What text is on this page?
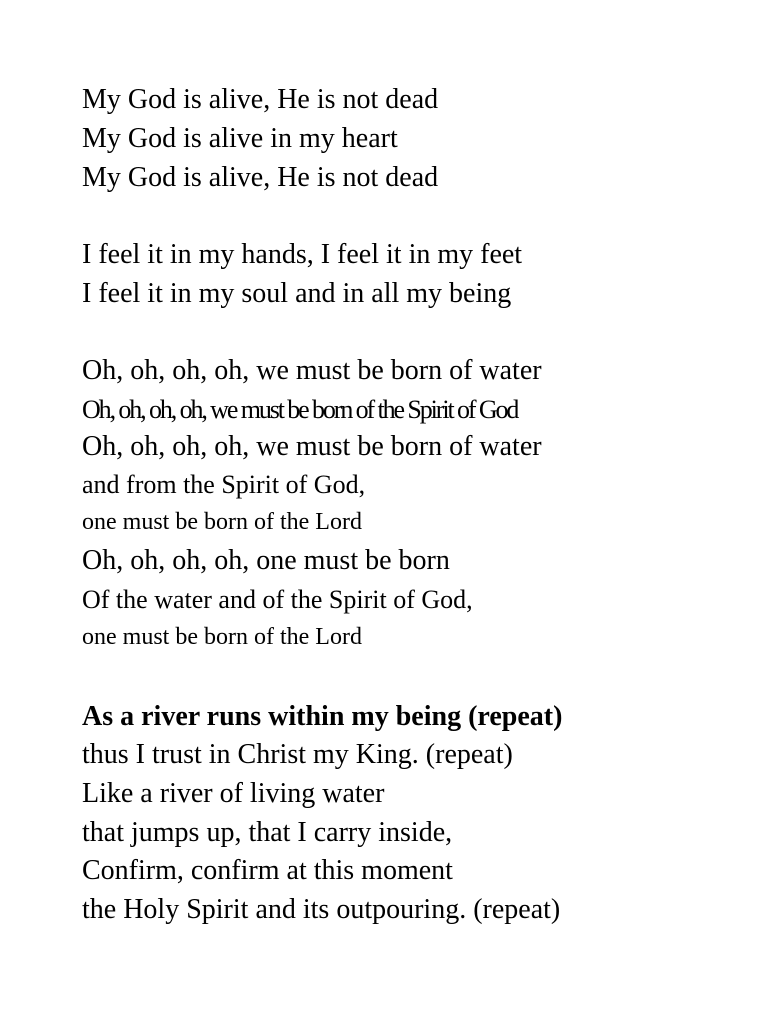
My God is alive, He is not dead
My God is alive in my heart
My God is alive, He is not dead
I feel it in my hands, I feel it in my feet
I feel it in my soul and in all my being
Oh, oh, oh, oh, we must be born of water
Oh, oh, oh, oh, we must be born of the Spirit of God
Oh, oh, oh, oh, we must be born of water
and from the Spirit of God,
one must be born of the Lord
Oh, oh, oh, oh, one must be born
Of the water and of the Spirit of God,
one must be born of the Lord
As a river runs within my being (repeat)
thus I trust in Christ my King. (repeat)
Like a river of living water
that jumps up, that I carry inside,
Confirm, confirm at this moment
the Holy Spirit and its outpouring. (repeat)
